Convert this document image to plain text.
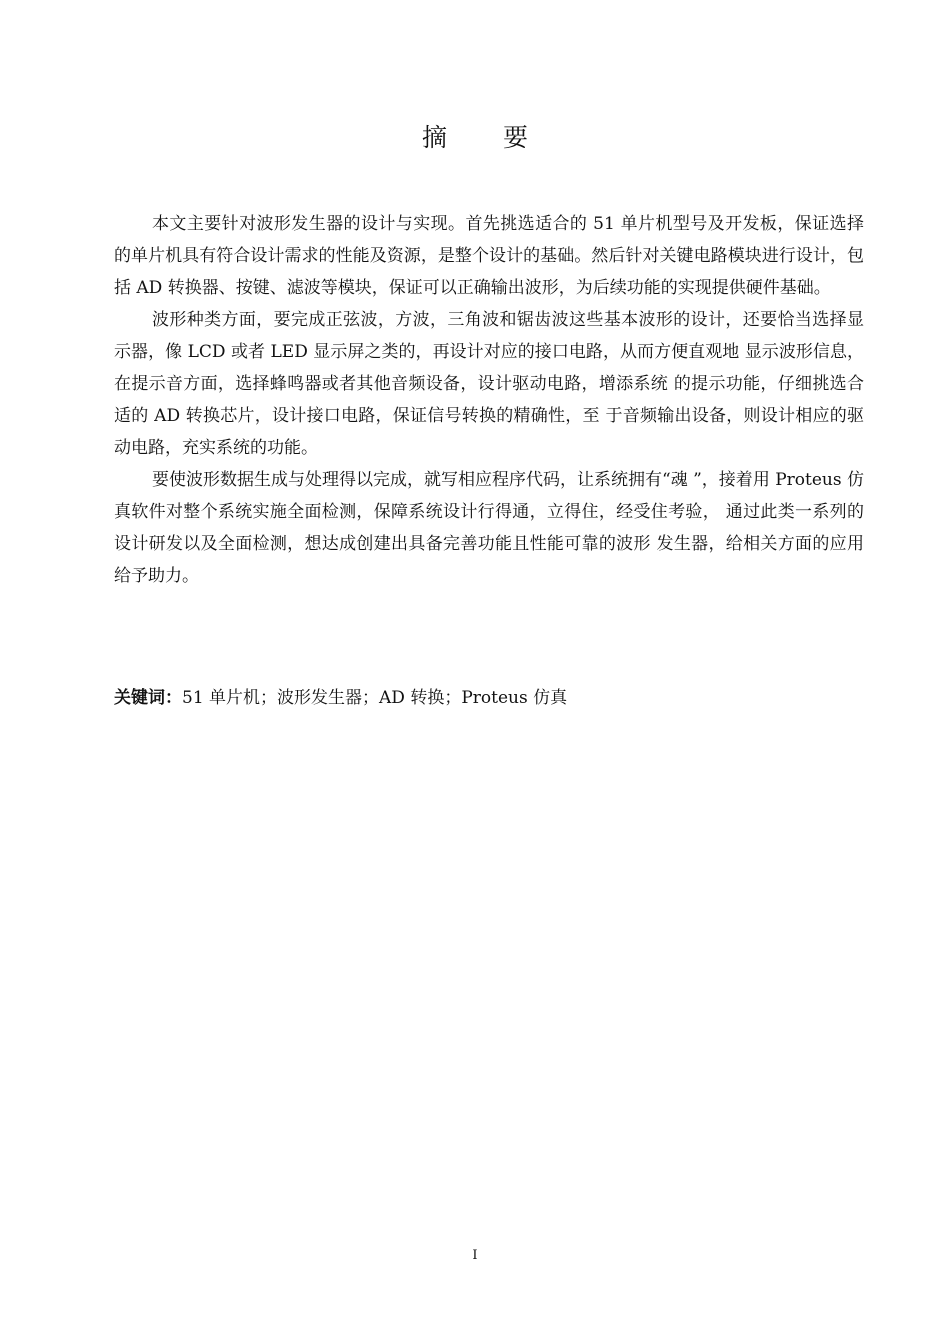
摘 要

本文主要针对波形发生器的设计与实现。首先挑选适合的 51 单片机型号及开发板，保证选择的单片机具有符合设计需求的性能及资源，是整个设计的基础。然后针对关键电路模块进行设计，包括 AD 转换器、按键、滤波等模块，保证可以正确输出波形，为后续功能的实现提供硬件基础。

波形种类方面，要完成正弦波，方波，三角波和锯齿波这些基本波形的设计，还要恰当选择显示器，像 LCD 或者 LED 显示屏之类的，再设计对应的接口电路，从而方便直观地 显示波形信息，在提示音方面，选择蜂鸣器或者其他音频设备，设计驱动电路，增添系统 的提示功能，仔细挑选合适的 AD 转换芯片，设计接口电路，保证信号转换的精确性，至 于音频输出设备，则设计相应的驱动电路，充实系统的功能。

要使波形数据生成与处理得以完成，就写相应程序代码，让系统拥有“魂 ”，接着用 Proteus 仿真软件对整个系统实施全面检测，保障系统设计行得通，立得住，经受住考验， 通过此类一系列的设计研发以及全面检测，想达成创建出具备完善功能且性能可靠的波形 发生器，给相关方面的应用给予助力。

关键词：51 单片机；波形发生器；AD 转换；Proteus 仿真
I
